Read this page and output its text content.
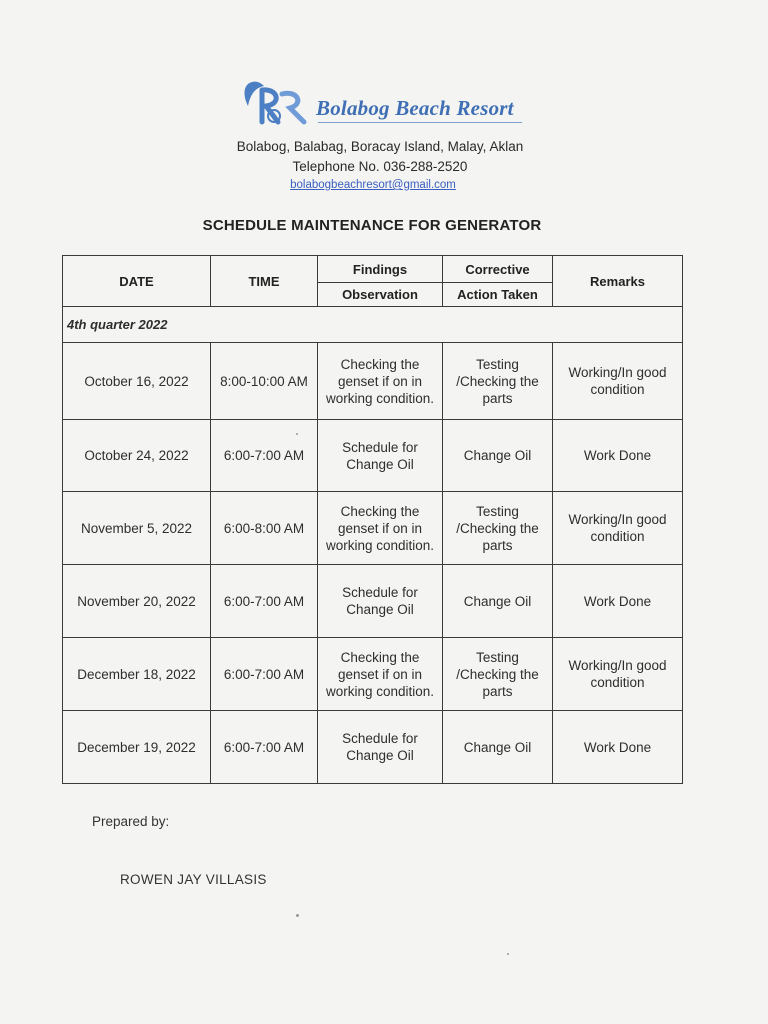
Bolabog Beach Resort
Bolabog, Balabag, Boracay Island, Malay, Aklan
Telephone No. 036-288-2520
bolabogbeachresort@gmail.com
SCHEDULE MAINTENANCE FOR GENERATOR
DATE	TIME	Findings	Corrective	Remarks
		Observation	Action Taken	
4th quarter 2022				
October 16, 2022	8:00-10:00 AM	Checking the genset if on in working condition.	Testing /Checking the parts	Working/In good condition
October 24, 2022	6:00-7:00 AM	Schedule for Change Oil	Change Oil	Work Done
November 5, 2022	6:00-8:00 AM	Checking the genset if on in working condition.	Testing /Checking the parts	Working/In good condition
November 20, 2022	6:00-7:00 AM	Schedule for Change Oil	Change Oil	Work Done
December 18, 2022	6:00-7:00 AM	Checking the genset if on in working condition.	Testing /Checking the parts	Working/In good condition
December 19, 2022	6:00-7:00 AM	Schedule for Change Oil	Change Oil	Work Done
Prepared by:
ROWEN JAY VILLASIS
